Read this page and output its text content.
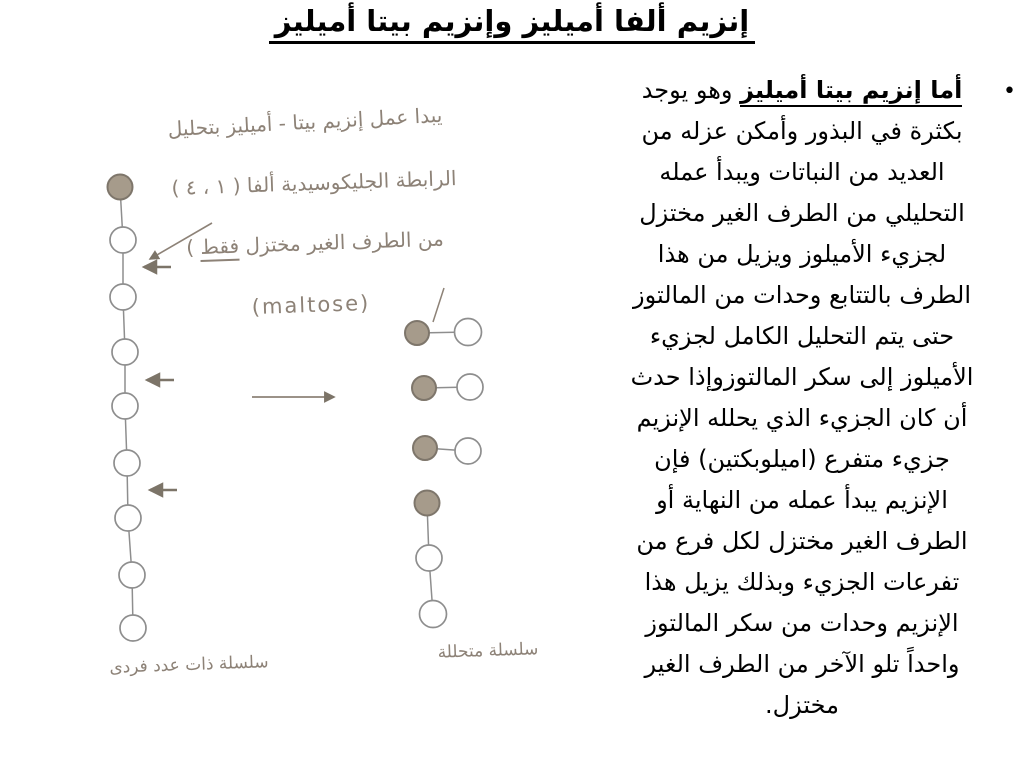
إنزيم ألفا أميليز وإنزيم بيتا أميليز
•
أما إنزيم بيتا أميليز وهو يوجد
بكثرة في البذور وأمكن عزله من
العديد من النباتات ويبدأ عمله
التحليلي من الطرف الغير مختزل
لجزيء الأميلوز ويزيل من هذا
الطرف بالتتابع وحدات من المالتوز
حتى يتم التحليل الكامل لجزيء
الأميلوز إلى سكر المالتوزوإذا حدث
أن كان الجزيء الذي يحلله الإنزيم
جزيء متفرع (اميلوبكتين) فإن
الإنزيم يبدأ عمله من النهاية أو
الطرف الغير مختزل لكل فرع من
تفرعات الجزيء وبذلك يزيل هذا
الإنزيم وحدات من سكر المالتوز
واحداً تلو الآخر من الطرف الغير
مختزل.
يبدا عمل إنزيم بيتا - أميليز بتحليل
الرابطة الجليكوسيدية ألفا ( ١ ، ٤ )
من الطرف الغير مختزل فقط )
(maltose)
سلسلة ذات عدد فردى
سلسلة متحللة
